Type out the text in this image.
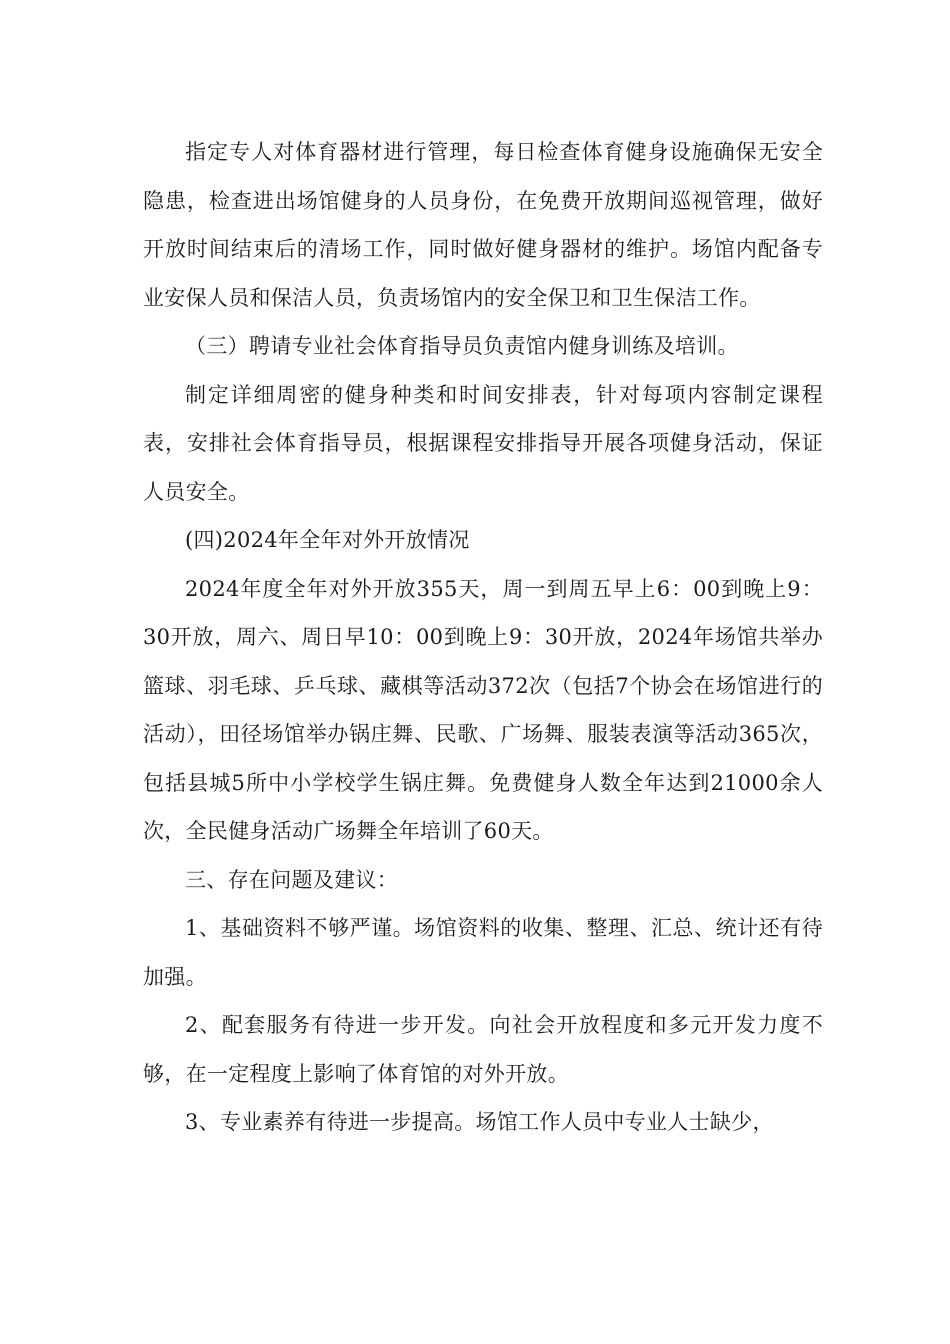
指定专人对体育器材进行管理，每日检查体育健身设施确保无安全隐患，检查进出场馆健身的人员身份，在免费开放期间巡视管理，做好开放时间结束后的清场工作，同时做好健身器材的维护。场馆内配备专业安保人员和保洁人员，负责场馆内的安全保卫和卫生保洁工作。

（三）聘请专业社会体育指导员负责馆内健身训练及培训。

制定详细周密的健身种类和时间安排表，针对每项内容制定课程表，安排社会体育指导员，根据课程安排指导开展各项健身活动，保证人员安全。

(四)2024年全年对外开放情况

2024年度全年对外开放355天，周一到周五早上6：00到晚上9：30开放，周六、周日早10：00到晚上9：30开放，2024年场馆共举办篮球、羽毛球、乒乓球、藏棋等活动372次（包括7个协会在场馆进行的活动），田径场馆举办锅庄舞、民歌、广场舞、服装表演等活动365次，包括县城5所中小学校学生锅庄舞。免费健身人数全年达到21000余人次，全民健身活动广场舞全年培训了60天。

三、存在问题及建议：

1、基础资料不够严谨。场馆资料的收集、整理、汇总、统计还有待加强。

2、配套服务有待进一步开发。向社会开放程度和多元开发力度不够，在一定程度上影响了体育馆的对外开放。

3、专业素养有待进一步提高。场馆工作人员中专业人士缺少，
